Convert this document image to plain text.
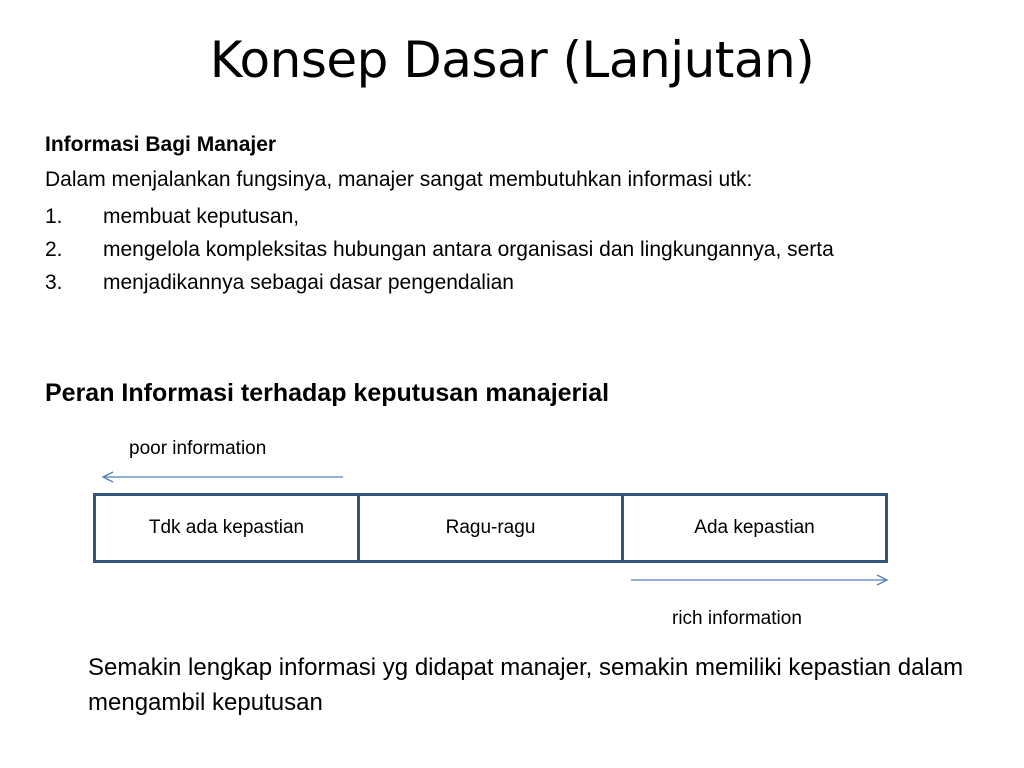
Konsep Dasar (Lanjutan)
Informasi Bagi Manajer
Dalam menjalankan fungsinya, manajer sangat membutuhkan informasi utk:
1. membuat keputusan,
2. mengelola kompleksitas hubungan antara organisasi dan lingkungannya, serta
3. menjadikannya sebagai dasar pengendalian
Peran Informasi terhadap keputusan manajerial
poor information
Tdk ada kepastian	Ragu-ragu	Ada kepastian
rich information
Semakin lengkap informasi yg didapat manajer, semakin memiliki kepastian dalam mengambil keputusan
